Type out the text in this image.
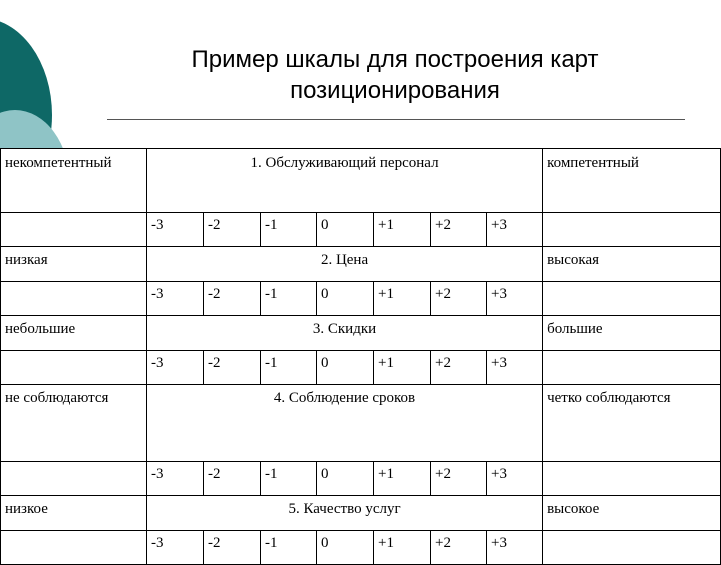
Пример шкалы для построения карт позиционирования
некомпетентный	1. Обслуживающий персонал							компетентный
	-3	-2	-1	0	+1	+2	+3	
низкая	2. Цена							высокая
	-3	-2	-1	0	+1	+2	+3	
небольшие	3. Скидки							большие
	-3	-2	-1	0	+1	+2	+3	
не соблюдаются	4. Соблюдение сроков							четко соблюдаются
	-3	-2	-1	0	+1	+2	+3	
низкое	5. Качество услуг							высокое
	-3	-2	-1	0	+1	+2	+3	
